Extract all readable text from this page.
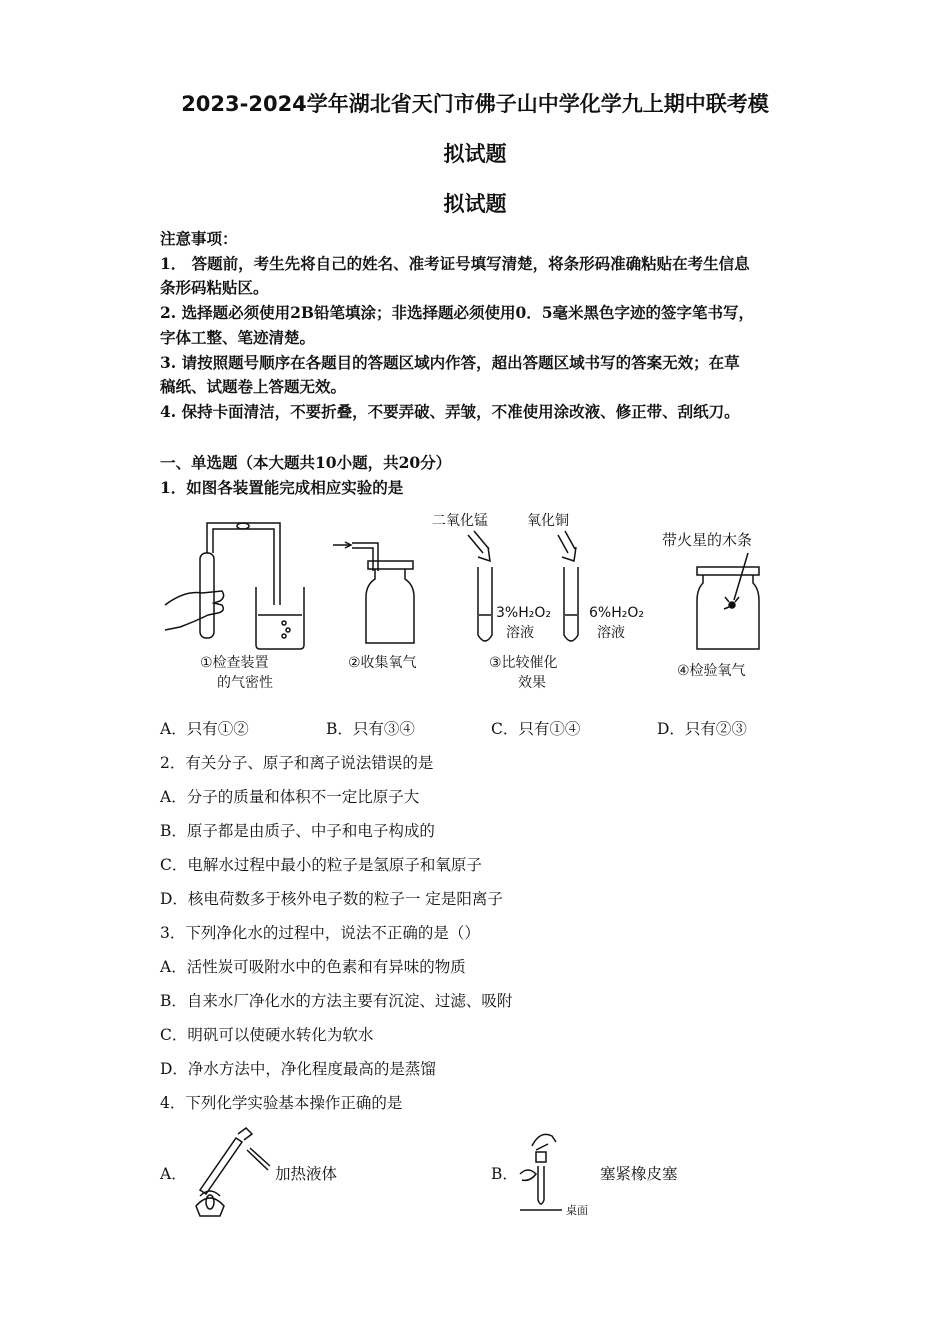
2023-2024学年湖北省天门市佛子山中学化学九上期中联考模
拟试题
拟试题
注意事项：
1． 答题前，考生先将自己的姓名、准考证号填写清楚，将条形码准确粘贴在考生信息
条形码粘贴区。
2. 选择题必须使用2B铅笔填涂；非选择题必须使用0．5毫米黑色字迹的签字笔书写，
字体工整、笔迹清楚。
3. 请按照题号顺序在各题目的答题区域内作答，超出答题区域书写的答案无效；在草
稿纸、试题卷上答题无效。
4. 保持卡面清洁，不要折叠，不要弄破、弄皱，不准使用涂改液、修正带、刮纸刀。
一、单选题（本大题共10小题，共20分）
1．如图各装置能完成相应实验的是
①检查装置
的气密性
②收集氧气
二氧化锰	氧化铜
3%H₂O₂
溶液
6%H₂O₂
溶液
③比较催化
效果
带火星的木条
④检验氧气
A．只有①②	B．只有③④	C．只有①④	D．只有②③
2．有关分子、原子和离子说法错误的是
A．分子的质量和体积不一定比原子大
B．原子都是由质子、中子和电子构成的
C．电解水过程中最小的粒子是氢原子和氧原子
D．核电荷数多于核外电子数的粒子一 定是阳离子
3．下列净化水的过程中，说法不正确的是（）
A．活性炭可吸附水中的色素和有异味的物质
B．自来水厂净化水的方法主要有沉淀、过滤、吸附
C．明矾可以使硬水转化为软水
D．净水方法中，净化程度最高的是蒸馏
4．下列化学实验基本操作正确的是
A．	加热液体	B．	塞紧橡皮塞
桌面
